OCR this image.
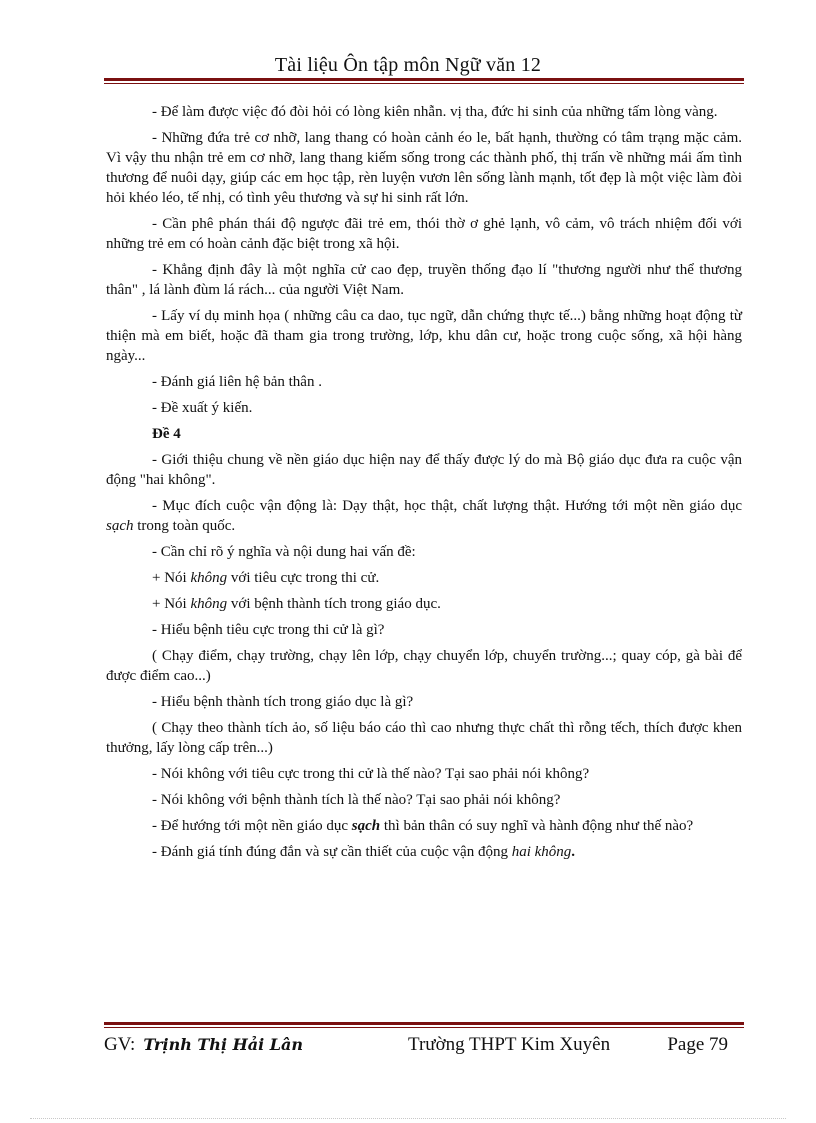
Tài liệu Ôn tập môn Ngữ văn 12

- Để làm được việc đó đòi hỏi có lòng kiên nhẫn. vị tha, đức hi sinh của những tấm lòng vàng.

- Những đứa trẻ cơ nhỡ, lang thang có hoàn cảnh éo le, bất hạnh, thường có tâm trạng mặc cảm. Vì vậy thu nhận trẻ em cơ nhỡ, lang thang kiếm sống trong các thành phố, thị trấn về những mái ấm tình thương để nuôi dạy, giúp các em học tập, rèn luyện vươn lên sống lành mạnh, tốt đẹp là một việc làm đòi hỏi khéo léo, tế nhị, có tình yêu thương và sự hi sinh rất lớn.

- Cần phê phán thái độ ngược đãi trẻ em, thói thờ ơ ghẻ lạnh, vô cảm, vô trách nhiệm đối với những trẻ em có hoàn cảnh đặc biệt trong xã hội.

- Khẳng định đây là một nghĩa cử cao đẹp, truyền thống đạo lí "thương người như thể thương thân" , lá lành đùm lá rách... của người Việt Nam.

- Lấy ví dụ minh họa ( những câu ca dao, tục ngữ, dẫn chứng thực tế...) bằng những hoạt động từ thiện mà em biết, hoặc đã tham gia trong trường, lớp, khu dân cư, hoặc trong cuộc sống, xã hội hàng ngày...

- Đánh giá liên hệ bản thân .

- Đề xuất ý kiến.

Đề 4

- Giới thiệu chung về nền giáo dục hiện nay để thấy được lý do mà Bộ giáo dục đưa ra cuộc vận động "hai không".

- Mục đích cuộc vận động là: Dạy thật, học thật, chất lượng thật. Hướng tới một nền giáo dục sạch trong toàn quốc.

- Cần chỉ rõ ý nghĩa và nội dung hai vấn đề:

+ Nói không với tiêu cực trong thi cử.

+ Nói không với bệnh thành tích trong giáo dục.

- Hiểu bệnh tiêu cực trong thi cử là gì?

( Chạy điểm, chạy trường, chạy lên lớp, chạy chuyển lớp, chuyển trường...; quay cóp, gà bài để được điểm cao...)

- Hiểu bệnh thành tích trong giáo dục là gì?

( Chạy theo thành tích ảo, số liệu báo cáo thì cao nhưng thực chất thì rỗng tếch, thích được khen thưởng, lấy lòng cấp trên...)

- Nói không với tiêu cực trong thi cử là thế nào? Tại sao phải nói không?

- Nói không với bệnh thành tích là thế nào? Tại sao phải nói không?

- Để hướng tới một nền giáo dục sạch thì bản thân có suy nghĩ và hành động như thế nào?

- Đánh giá tính đúng đắn và sự cần thiết của cuộc vận động hai không.

GV: Trịnh Thị Hải Lân	Trường THPT Kim Xuyên	Page 79
